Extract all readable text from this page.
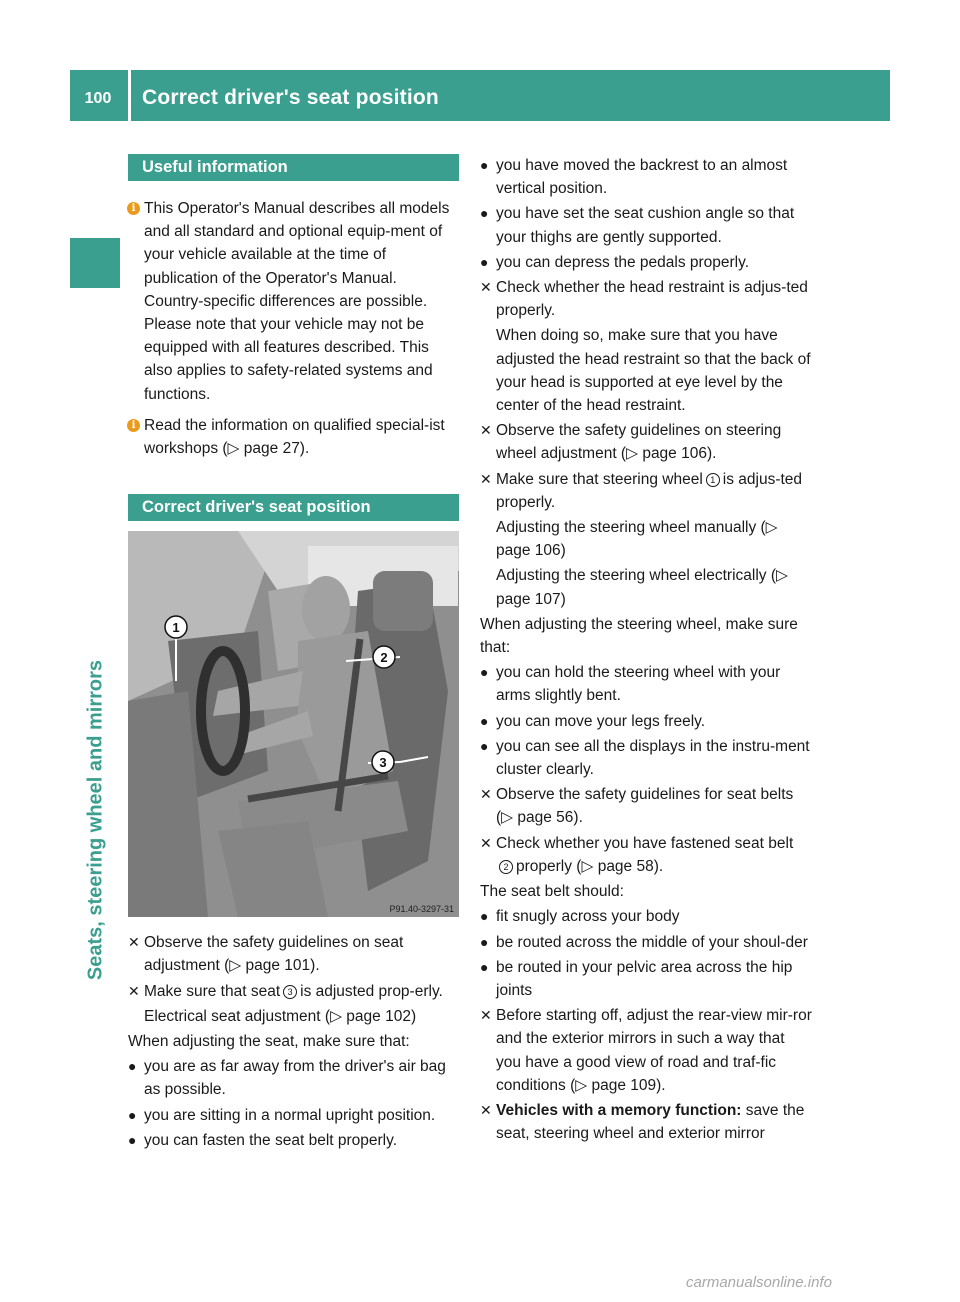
100	Correct driver's seat position
Seats, steering wheel and mirrors
Useful information
i This Operator's Manual describes all models and all standard and optional equip-ment of your vehicle available at the time of publication of the Operator's Manual. Country-specific differences are possible. Please note that your vehicle may not be equipped with all features described. This also applies to safety-related systems and functions.

i Read the information on qualified special-ist workshops (▷ page 27).

Correct driver's seat position
1
2
3
P91.40-3297-31
✕ Observe the safety guidelines on seat adjustment (▷ page 101).
✕ Make sure that seat 3 is adjusted prop-erly.
Electrical seat adjustment (▷ page 102)

When adjusting the seat, make sure that:

● you are as far away from the driver's air bag as possible.
● you are sitting in a normal upright position.
● you can fasten the seat belt properly.
● you have moved the backrest to an almost vertical position.
● you have set the seat cushion angle so that your thighs are gently supported.
● you can depress the pedals properly.
✕ Check whether the head restraint is adjus-ted properly.
When doing so, make sure that you have adjusted the head restraint so that the back of your head is supported at eye level by the center of the head restraint.
✕ Observe the safety guidelines on steering wheel adjustment (▷ page 106).
✕ Make sure that steering wheel 1 is adjus-ted properly.
Adjusting the steering wheel manually (▷ page 106)
Adjusting the steering wheel electrically (▷ page 107)

When adjusting the steering wheel, make sure that:

● you can hold the steering wheel with your arms slightly bent.
● you can move your legs freely.
● you can see all the displays in the instru-ment cluster clearly.
✕ Observe the safety guidelines for seat belts (▷ page 56).
✕ Check whether you have fastened seat belt2 properly (▷ page 58).

The seat belt should:

● fit snugly across your body
● be routed across the middle of your shoul-der
● be routed in your pelvic area across the hip joints
✕ Before starting off, adjust the rear-view mir-ror and the exterior mirrors in such a way that you have a good view of road and traf-fic conditions (▷ page 109).
✕ Vehicles with a memory function: save the seat, steering wheel and exterior mirror
carmanualsonline.info
